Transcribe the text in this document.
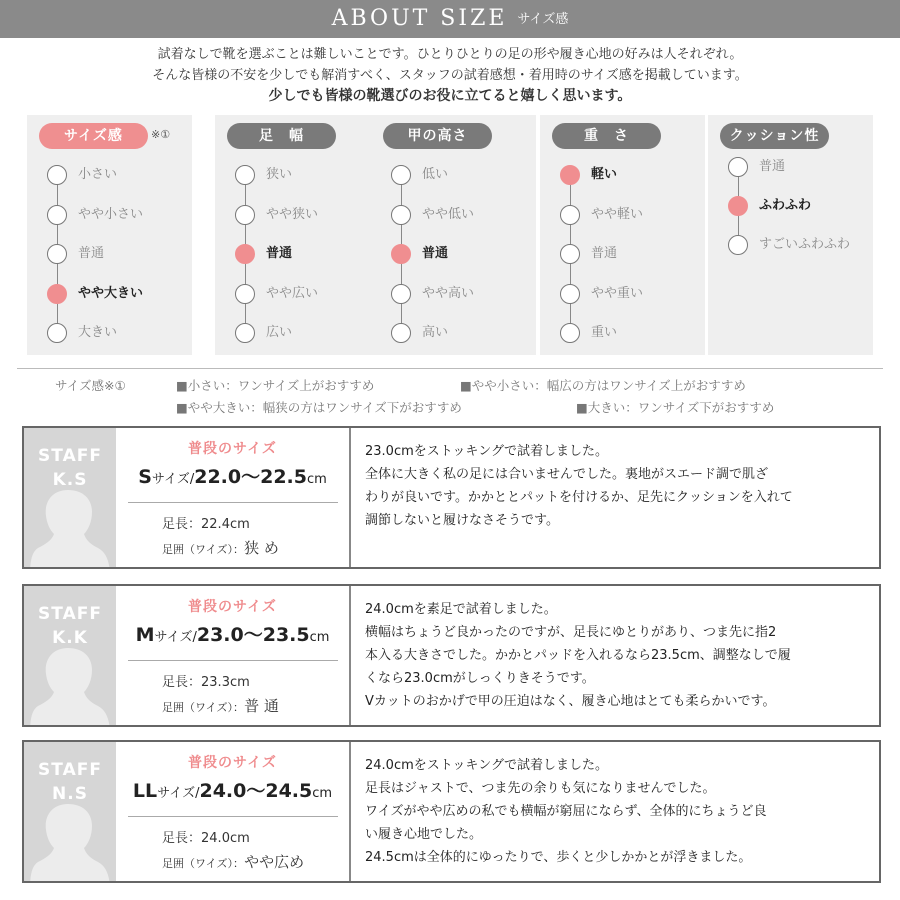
ABOUT SIZE サイズ感
試着なしで靴を選ぶことは難しいことです。ひとりひとりの足の形や履き心地の好みは人それぞれ。
そんな皆様の不安を少しでも解消すべく、スタッフの試着感想・着用時のサイズ感を掲載しています。
少しでも皆様の靴選びのお役に立てると嬉しく思います。
サイズ感	※①
小さい
やや小さい
普通
やや大きい
大きい
足　幅
狭い
やや狭い
普通
やや広い
広い
甲の高さ
低い
やや低い
普通
やや高い
高い
重　さ
軽い
やや軽い
普通
やや重い
重い
クッション性
普通
ふわふわ
すごいふわふわ
サイズ感※①	■小さい：ワンサイズ上がおすすめ	■やや小さい：幅広の方はワンサイズ上がおすすめ
■やや大きい：幅狭の方はワンサイズ下がおすすめ	■大きい：ワンサイズ下がおすすめ
STAFF
K.S
普段のサイズ
Sサイズ/22.0〜22.5cm
足長：22.4cm
足囲（ワイズ）：狭 め
23.0cmをストッキングで試着しました。
全体に大きく私の足には合いませんでした。裏地がスエード調で肌ざ
わりが良いです。かかととパットを付けるか、足先にクッションを入れて
調節しないと履けなさそうです。
STAFF
K.K
普段のサイズ
Mサイズ/23.0〜23.5cm
足長：23.3cm
足囲（ワイズ）：普 通
24.0cmを素足で試着しました。
横幅はちょうど良かったのですが、足長にゆとりがあり、つま先に指2
本入る大きさでした。かかとパッドを入れるなら23.5cm、調整なしで履
くなら23.0cmがしっくりきそうです。
Vカットのおかげで甲の圧迫はなく、履き心地はとても柔らかいです。
STAFF
N.S
普段のサイズ
LLサイズ/24.0〜24.5cm
足長：24.0cm
足囲（ワイズ）：やや広め
24.0cmをストッキングで試着しました。
足長はジャストで、つま先の余りも気になりませんでした。
ワイズがやや広めの私でも横幅が窮屈にならず、全体的にちょうど良
い履き心地でした。
24.5cmは全体的にゆったりで、歩くと少しかかとが浮きました。
